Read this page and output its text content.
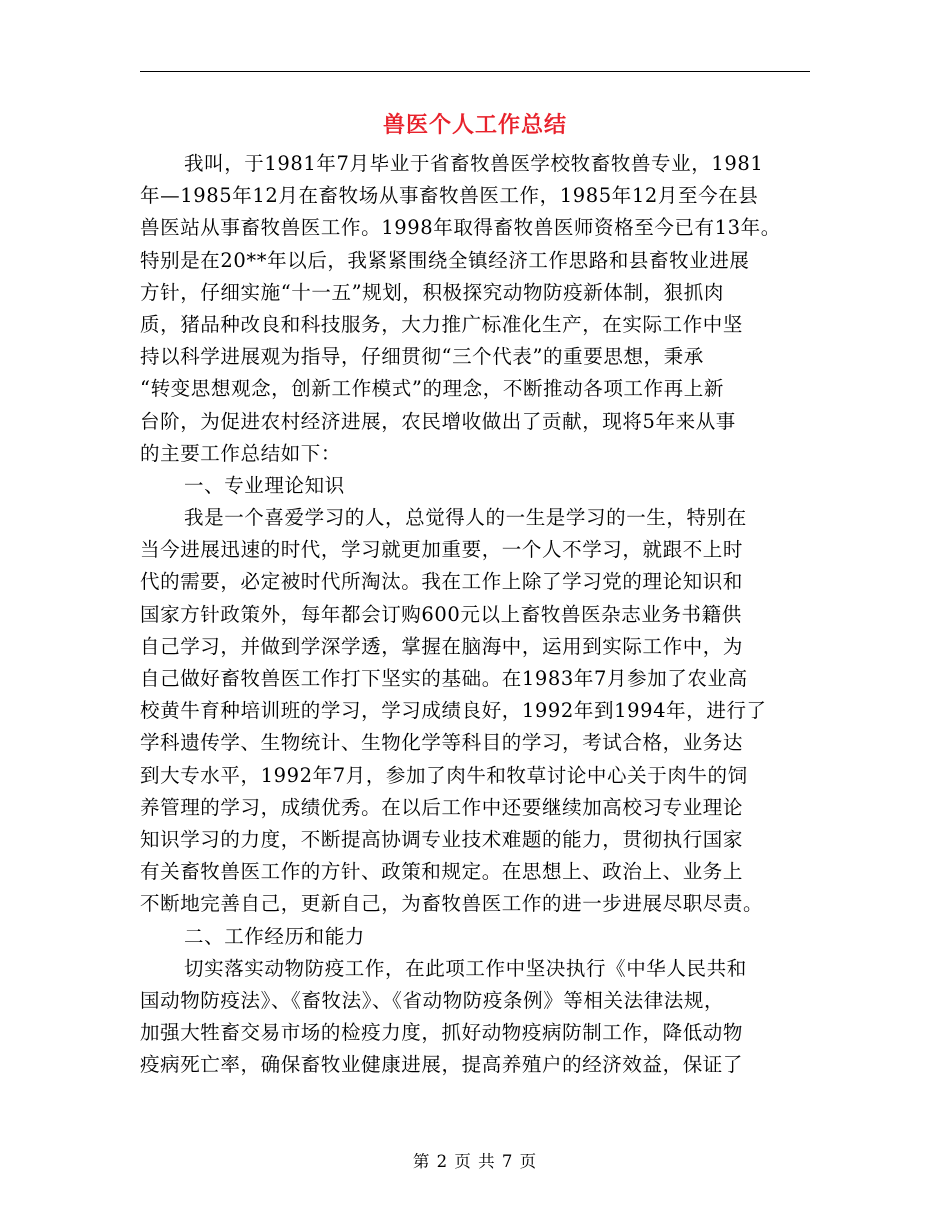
兽医个人工作总结
我叫，于1981年7月毕业于省畜牧兽医学校牧畜牧兽专业，1981
年—1985年12月在畜牧场从事畜牧兽医工作，1985年12月至今在县
兽医站从事畜牧兽医工作。1998年取得畜牧兽医师资格至今已有13年。
特别是在20**年以后，我紧紧围绕全镇经济工作思路和县畜牧业进展
方针，仔细实施“十一五”规划，积极探究动物防疫新体制，狠抓肉
质，猪品种改良和科技服务，大力推广标准化生产，在实际工作中坚
持以科学进展观为指导，仔细贯彻“三个代表”的重要思想，秉承
“转变思想观念，创新工作模式”的理念，不断推动各项工作再上新
台阶，为促进农村经济进展，农民增收做出了贡献，现将5年来从事
的主要工作总结如下：
一、专业理论知识
我是一个喜爱学习的人，总觉得人的一生是学习的一生，特别在
当今进展迅速的时代，学习就更加重要，一个人不学习，就跟不上时
代的需要，必定被时代所淘汰。我在工作上除了学习党的理论知识和
国家方针政策外，每年都会订购600元以上畜牧兽医杂志业务书籍供
自己学习，并做到学深学透，掌握在脑海中，运用到实际工作中，为
自己做好畜牧兽医工作打下坚实的基础。在1983年7月参加了农业高
校黄牛育种培训班的学习，学习成绩良好，1992年到1994年，进行了
学科遗传学、生物统计、生物化学等科目的学习，考试合格，业务达
到大专水平，1992年7月，参加了肉牛和牧草讨论中心关于肉牛的饲
养管理的学习，成绩优秀。在以后工作中还要继续加高校习专业理论
知识学习的力度，不断提高协调专业技术难题的能力，贯彻执行国家
有关畜牧兽医工作的方针、政策和规定。在思想上、政治上、业务上
不断地完善自己，更新自己，为畜牧兽医工作的进一步进展尽职尽责。
二、工作经历和能力
切实落实动物防疫工作，在此项工作中坚决执行《中华人民共和
国动物防疫法》、《畜牧法》、《省动物防疫条例》等相关法律法规，
加强大牲畜交易市场的检疫力度，抓好动物疫病防制工作，降低动物
疫病死亡率，确保畜牧业健康进展，提高养殖户的经济效益，保证了
第 2 页 共 7 页
